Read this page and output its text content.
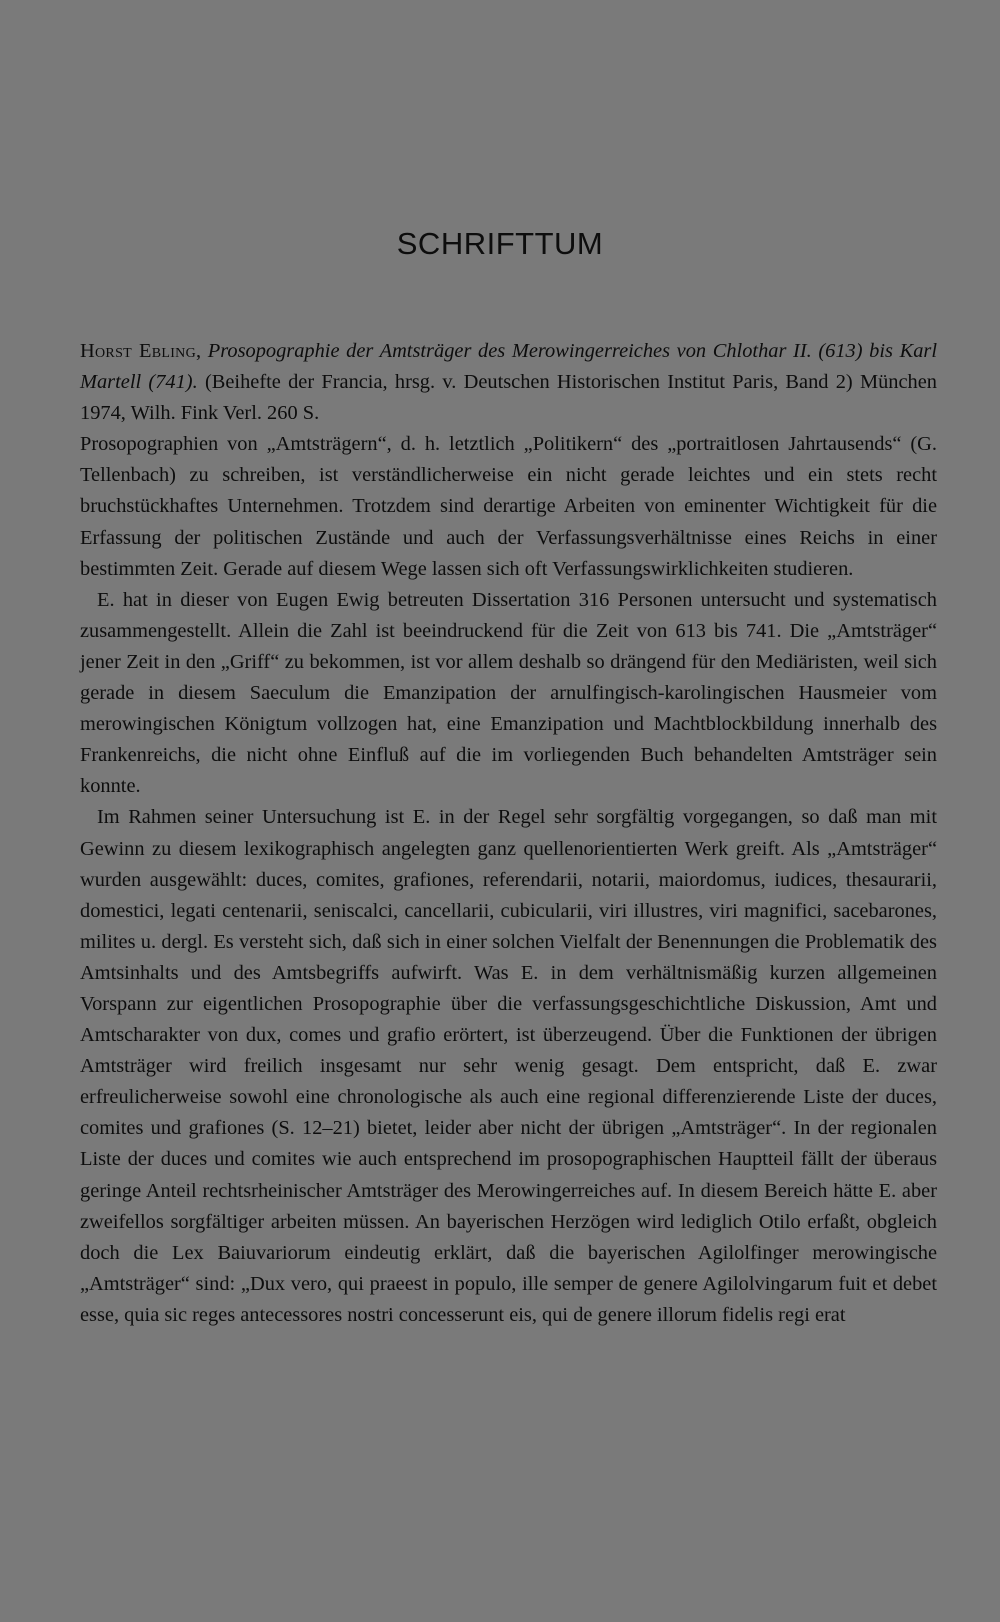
SCHRIFTTUM

Horst Ebling, Prosopographie der Amtsträger des Merowingerreiches von Chlothar II. (613) bis Karl Martell (741). (Beihefte der Francia, hrsg. v. Deutschen Historischen Institut Paris, Band 2) München 1974, Wilh. Fink Verl. 260 S.

Prosopographien von „Amtsträgern“, d. h. letztlich „Politikern“ des „portraitlosen Jahrtausends“ (G. Tellenbach) zu schreiben, ist verständlicherweise ein nicht gerade leichtes und ein stets recht bruchstückhaftes Unternehmen. Trotzdem sind derartige Arbeiten von eminenter Wichtigkeit für die Erfassung der politischen Zustände und auch der Verfassungsverhältnisse eines Reichs in einer bestimmten Zeit. Gerade auf diesem Wege lassen sich oft Verfassungswirklichkeiten studieren.

E. hat in dieser von Eugen Ewig betreuten Dissertation 316 Personen untersucht und systematisch zusammengestellt. Allein die Zahl ist beeindruckend für die Zeit von 613 bis 741. Die „Amtsträger“ jener Zeit in den „Griff“ zu bekommen, ist vor allem deshalb so drängend für den Mediäristen, weil sich gerade in diesem Saeculum die Emanzipation der arnulfingisch-karolingischen Hausmeier vom merowingischen Königtum vollzogen hat, eine Emanzipation und Machtblockbildung innerhalb des Frankenreichs, die nicht ohne Einfluß auf die im vorliegenden Buch behandelten Amtsträger sein konnte.

Im Rahmen seiner Untersuchung ist E. in der Regel sehr sorgfältig vorgegangen, so daß man mit Gewinn zu diesem lexikographisch angelegten ganz quellenorientierten Werk greift. Als „Amtsträger“ wurden ausgewählt: duces, comites, grafiones, referendarii, notarii, maiordomus, iudices, thesaurarii, domestici, legati centenarii, seniscalci, cancellarii, cubicularii, viri illustres, viri magnifici, sacebarones, milites u. dergl. Es versteht sich, daß sich in einer solchen Vielfalt der Benennungen die Problematik des Amtsinhalts und des Amtsbegriffs aufwirft. Was E. in dem verhältnismäßig kurzen allgemeinen Vorspann zur eigentlichen Prosopographie über die verfassungsgeschichtliche Diskussion, Amt und Amtscharakter von dux, comes und grafio erörtert, ist überzeugend. Über die Funktionen der übrigen Amtsträger wird freilich insgesamt nur sehr wenig gesagt. Dem entspricht, daß E. zwar erfreulicherweise sowohl eine chronologische als auch eine regional differenzierende Liste der duces, comites und grafiones (S. 12–21) bietet, leider aber nicht der übrigen „Amtsträger“. In der regionalen Liste der duces und comites wie auch entsprechend im prosopographischen Hauptteil fällt der überaus geringe Anteil rechtsrheinischer Amtsträger des Merowingerreiches auf. In diesem Bereich hätte E. aber zweifellos sorgfältiger arbeiten müssen. An bayerischen Herzögen wird lediglich Otilo erfaßt, obgleich doch die Lex Baiuvariorum eindeutig erklärt, daß die bayerischen Agilolfinger merowingische „Amtsträger“ sind: „Dux vero, qui praeest in populo, ille semper de genere Agilolvingarum fuit et debet esse, quia sic reges antecessores nostri concesserunt eis, qui de genere illorum fidelis regi erat
